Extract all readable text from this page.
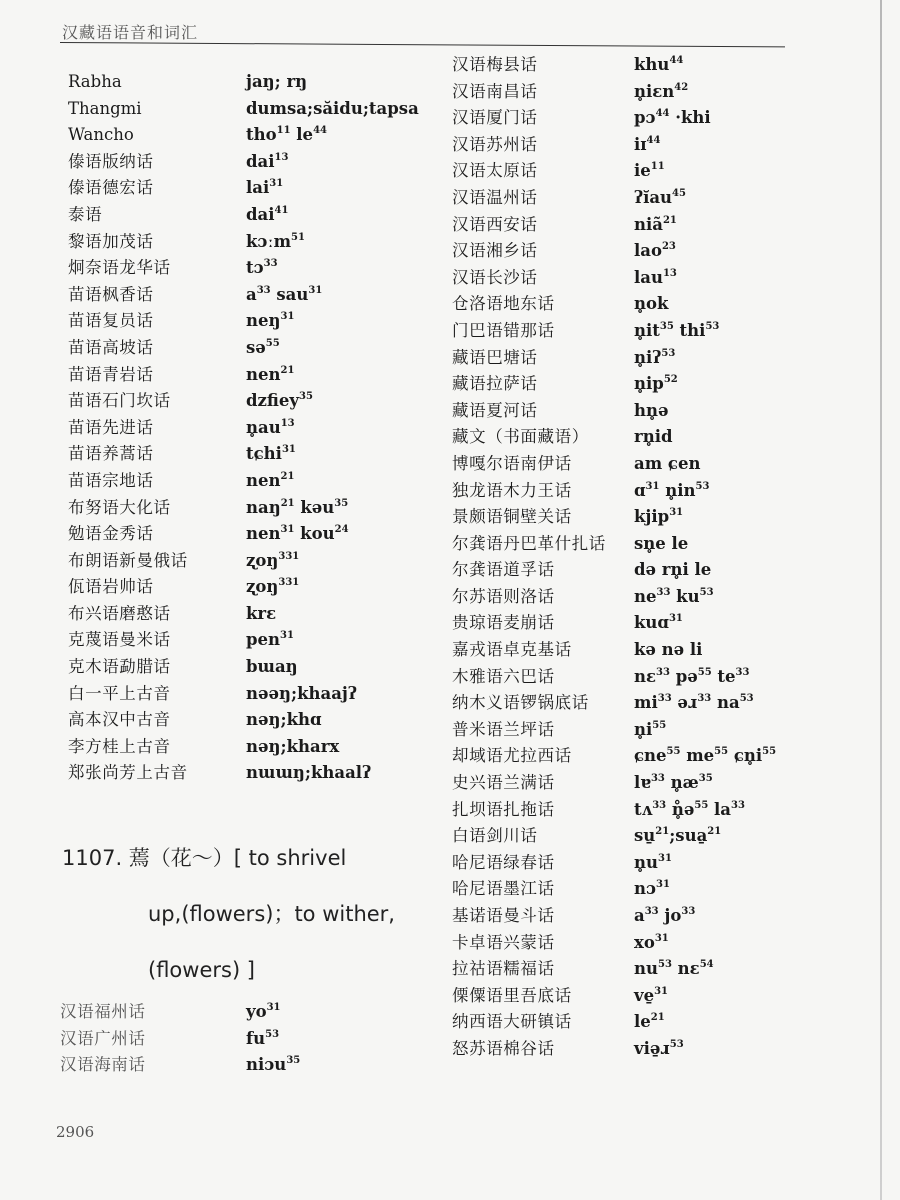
汉藏语语音和词汇
Rabha	jaŋ; rŋ
Thangmi	dumsa;săidu;tapsa
Wancho	tho$^{11}$ $le^{44}$
傣语版纳话	dai$^{13}$
傣语德宏话	lai$^{31}$
泰语	dai$^{41}$
黎语加茂话	kɔːm$^{51}$
炯奈语龙华话	tɔ$^{33}$
苗语枫香话	$a^{33}$ sau$^{31}$
苗语复员话	neŋ$^{31}$
苗语高坡话	sə$^{55}$
苗语青岩话	nen$^{21}$
苗语石门坎话	dzfiey$^{35}$
苗语先进话	$n̥au^{13}$
苗语养蒿话	tɕhi$^{31}$
苗语宗地话	nen$^{21}$
布努语大化话	naŋ$^{21}$ kəu$^{35}$
勉语金秀话	nen$^{31}$ kou$^{24}$
布朗语新曼俄话	ʐoŋ$^{331}$
佤语岩帅话	ʐoŋ$^{331}$
布兴语磨憨话	krɛ
克蔑语曼米话	pen$^{31}$
克木语勐腊话	bɯaŋ
白一平上古音	nəəŋ;khaajʔ
高本汉中古音	nəŋ;khɑ
李方桂上古音	nəŋ;kharx
郑张尚芳上古音	nɯɯŋ;khaalʔ
1107. 蔫（花～）[ to shrivel
up,(flowers)；to wither,
(flowers) ]
汉语福州话	$yo^{31}$
汉语广州话	$fu^{53}$
汉语海南话	niɔu$^{35}$
汉语梅县话	khu$^{44}$
汉语南昌话	n̥iɛn$^{42}$
汉语厦门话	pɔ$^{44}$ ·khi
汉语苏州话	iɪ$^{44}$
汉语太原话	$ie^{11}$
汉语温州话	ʔĭau$^{45}$
汉语西安话	niã$^{21}$
汉语湘乡话	lao$^{23}$
汉语长沙话	lau$^{13}$
仓洛语地东话	n̥ok
门巴语错那话	$n̥it^{35}$ thi$^{53}$
藏语巴塘话	n̥iʔ$^{53}$
藏语拉萨话	$n̥ip^{52}$
藏语夏河话	hn̥ə
藏文（书面藏语）	rn̥id
博嘎尔语南伊话	am ɕen
独龙语木力王话	ɑ$^{31}$ $n̥in^{53}$
景颇语铜壁关话	kjip$^{31}$
尔龚语丹巴革什扎话 sn̥e le
尔龚语道孚话	də rn̥i le
尔苏语则洛话	$ne^{33}$ $ku^{53}$
贵琼语麦崩话	kuɑ$^{31}$
嘉戎语卓克基话	kə nə li
木雅语六巴话	nɛ$^{33}$ pə$^{55}$ $te^{33}$
纳木义语锣锅底话	$mi^{33}$ əɹ$^{33}$ $na^{53}$
普米语兰坪话	$n̥i^{55}$
却域语尤拉西话	ɕne$^{55}$ $me^{55}$ $ɕn̥i^{55}$
史兴语兰满话	lɐ$^{33}$ $n̥æ^{35}$
扎坝语扎拖话	tʌ$^{33}$ n̥̊ə$^{55}$ $la^{33}$
白语剑川话	su̱$^{21}$;sua̱$^{21}$
哈尼语绿春话	$n̥u^{31}$
哈尼语墨江话	nɔ$^{31}$
基诺语曼斗话	$a^{33}$ $jo^{33}$
卡卓语兴蒙话	$xo^{31}$
拉祜语糯福话	$nu^{53}$ nɛ$^{54}$
傈僳语里吾底话	ve̱$^{31}$
纳西语大研镇话	$le^{21}$
怒苏语棉谷话	viə̱ɹ$^{53}$
2906
